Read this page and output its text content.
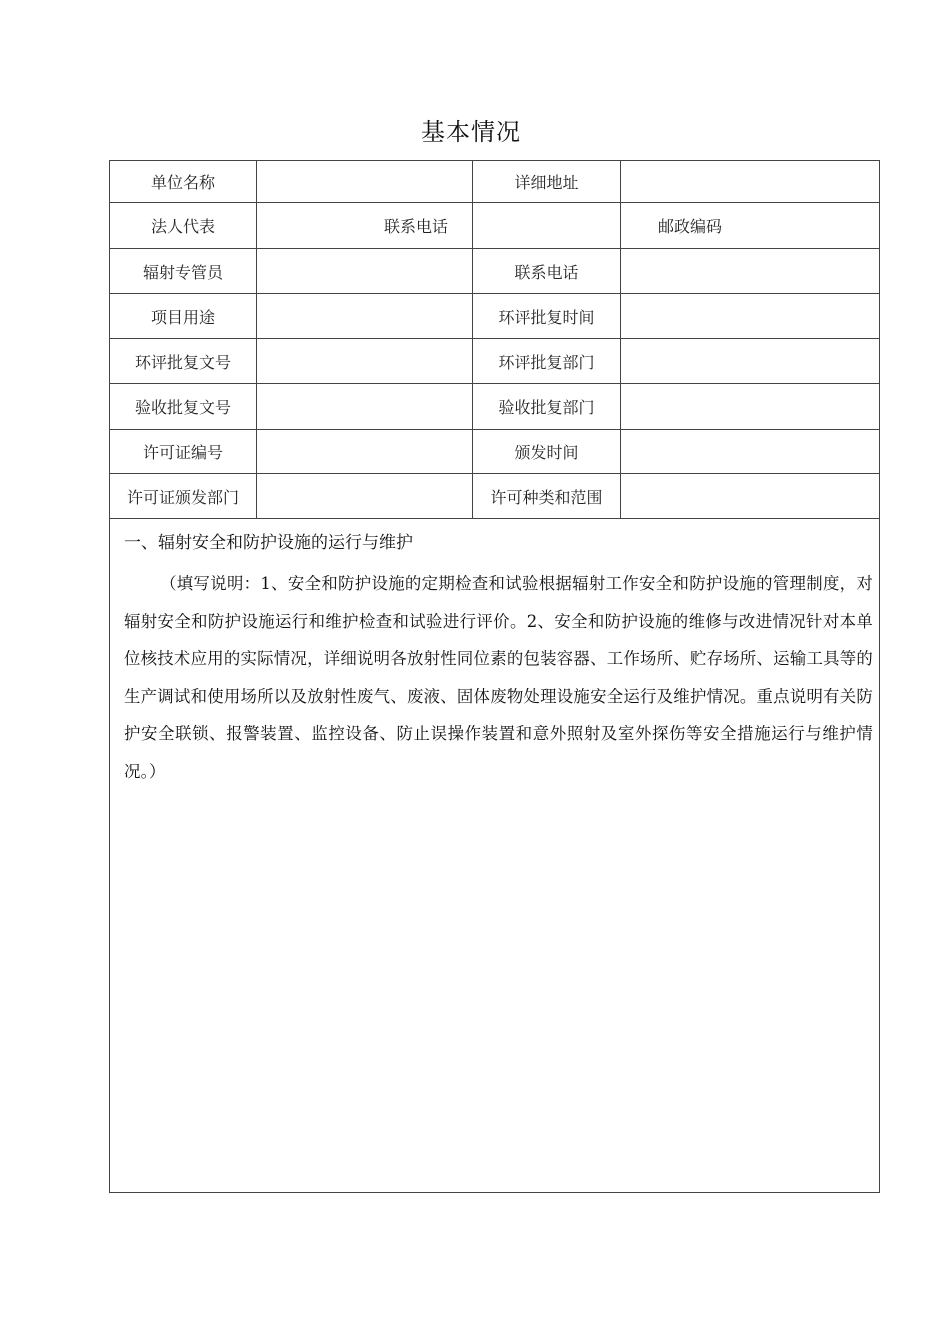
基本情况
单位名称	详细地址
法人代表	联系电话	邮政编码
辐射专管员	联系电话
项目用途	环评批复时间
环评批复文号	环评批复部门
验收批复文号	验收批复部门
许可证编号	颁发时间
许可证颁发部门	许可种类和范围
一、辐射安全和防护设施的运行与维护
（填写说明：1、安全和防护设施的定期检查和试验根据辐射工作安全和防护设施的管理制度，对辐射安全和防护设施运行和维护检查和试验进行评价。2、安全和防护设施的维修与改进情况针对本单位核技术应用的实际情况，详细说明各放射性同位素的包装容器、工作场所、贮存场所、运输工具等的生产调试和使用场所以及放射性废气、废液、固体废物处理设施安全运行及维护情况。重点说明有关防护安全联锁、报警装置、监控设备、防止误操作装置和意外照射及室外探伤等安全措施运行与维护情况。）
